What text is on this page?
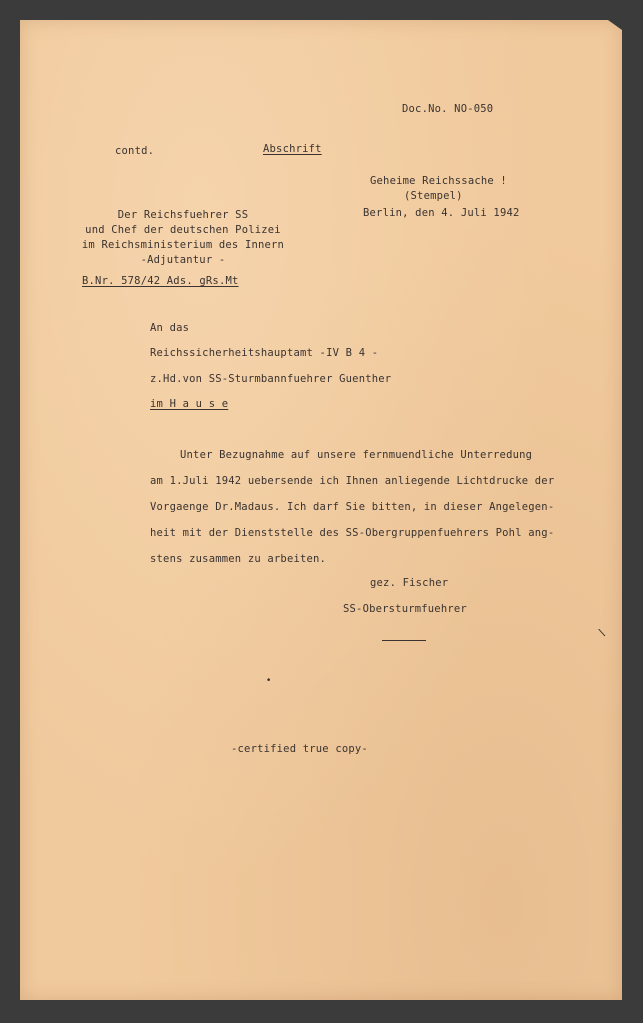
Doc.No. NO-050
contd.	Abschrift
Geheime Reichssache !
(Stempel)
Der Reichsfuehrer SS	Berlin, den 4. Juli 1942
und Chef der deutschen Polizei
im Reichsministerium des Innern
-Adjutantur -
B.Nr. 578/42 Ads. gRs.Mt
An das
Reichssicherheitshauptamt -IV B 4 -
z.Hd.von SS-Sturmbannfuehrer Guenther
im H a u s e
Unter Bezugnahme auf unsere fernmuendliche Unterredung
am 1.Juli 1942 uebersende ich Ihnen anliegende Lichtdrucke der
Vorgaenge Dr.Madaus. Ich darf Sie bitten, in dieser Angelegen-
heit mit der Dienststelle des SS-Obergruppenfuehrers Pohl ang-
stens zusammen zu arbeiten.
gez. Fischer
SS-Obersturmfuehrer
-certified true copy-
\
•
